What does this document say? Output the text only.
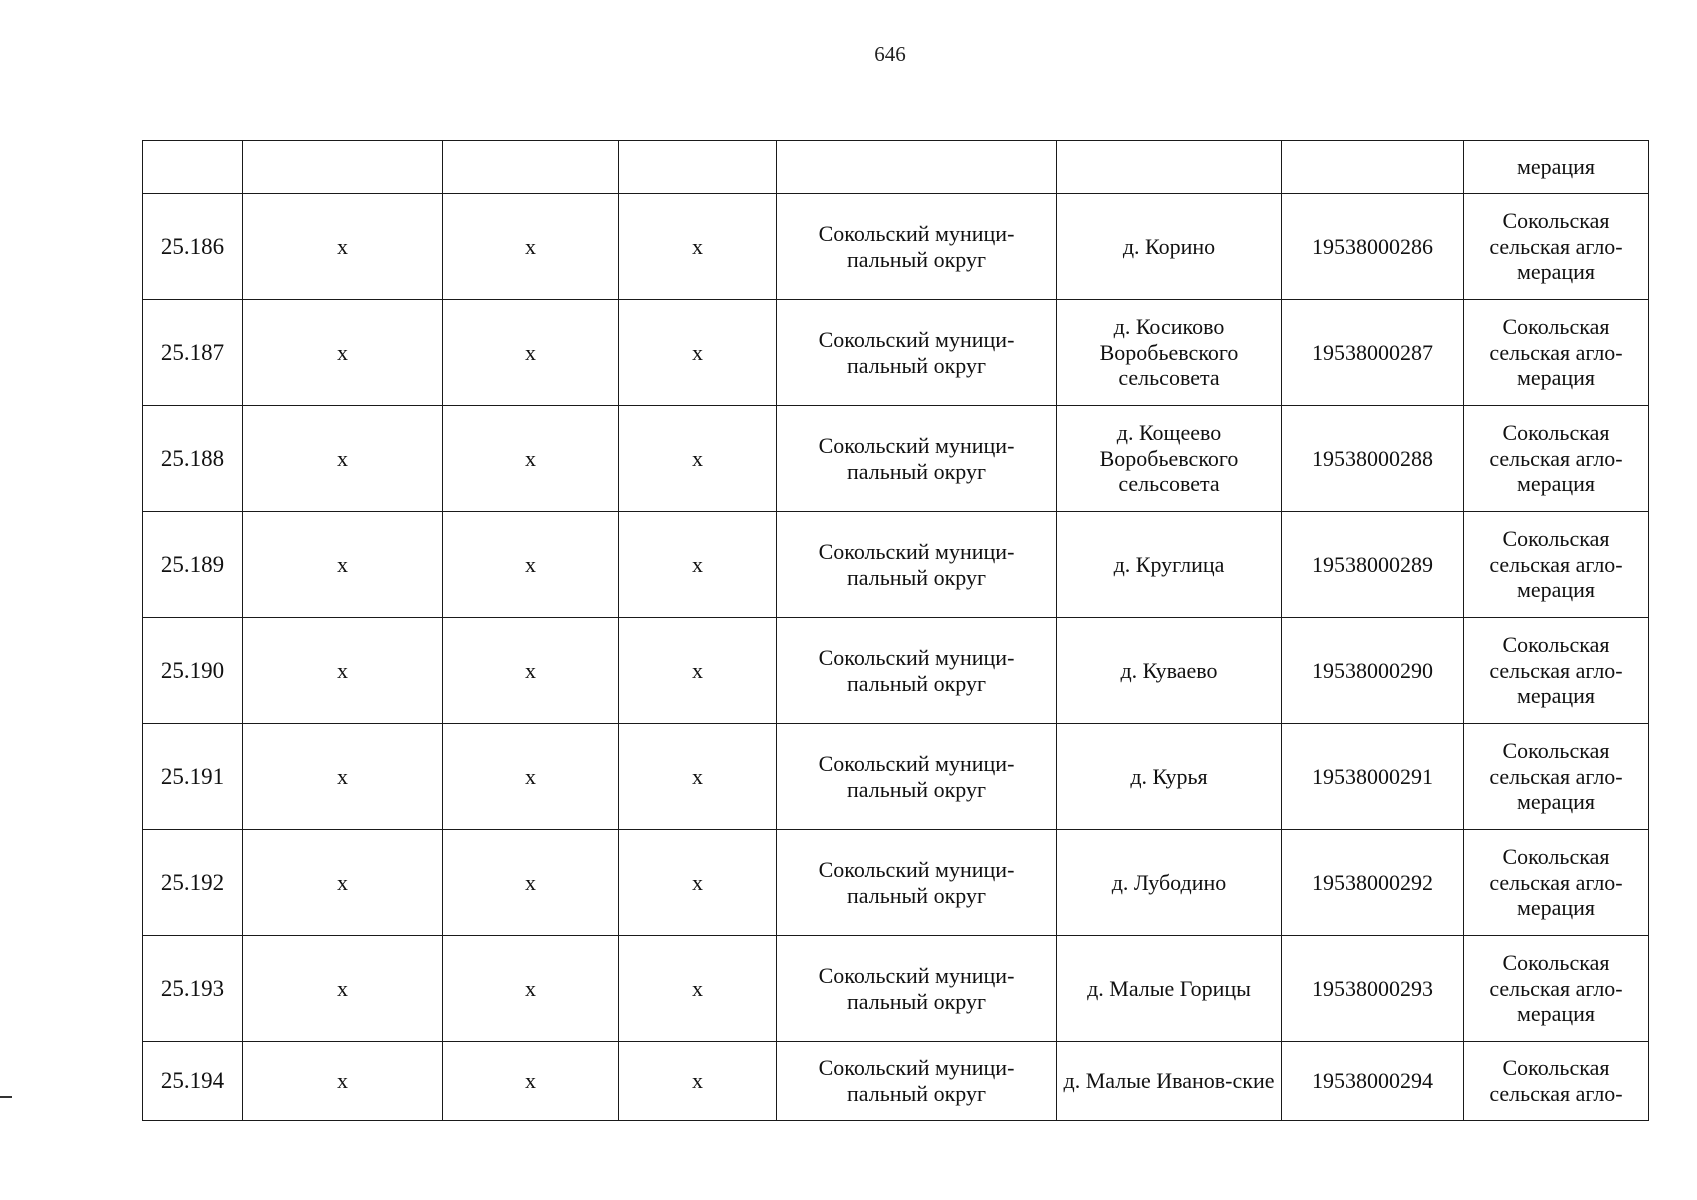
646
							мерация
25.186	х	х	х	Сокольский муници-пальный округ	д. Корино	19538000286	Сокольская сельская агло-мерация
25.187	х	х	х	Сокольский муници-пальный округ	д. Косиково Воробьевского сельсовета	19538000287	Сокольская сельская агло-мерация
25.188	х	х	х	Сокольский муници-пальный округ	д. Кощеево Воробьевского сельсовета	19538000288	Сокольская сельская агло-мерация
25.189	х	х	х	Сокольский муници-пальный округ	д. Круглица	19538000289	Сокольская сельская агло-мерация
25.190	х	х	х	Сокольский муници-пальный округ	д. Куваево	19538000290	Сокольская сельская агло-мерация
25.191	х	х	х	Сокольский муници-пальный округ	д. Курья	19538000291	Сокольская сельская агло-мерация
25.192	х	х	х	Сокольский муници-пальный округ	д. Лубодино	19538000292	Сокольская сельская агло-мерация
25.193	х	х	х	Сокольский муници-пальный округ	д. Малые Горицы	19538000293	Сокольская сельская агло-мерация
25.194	х	х	х	Сокольский муници-пальный округ	д. Малые Иванов-ские	19538000294	Сокольская сельская агло-
